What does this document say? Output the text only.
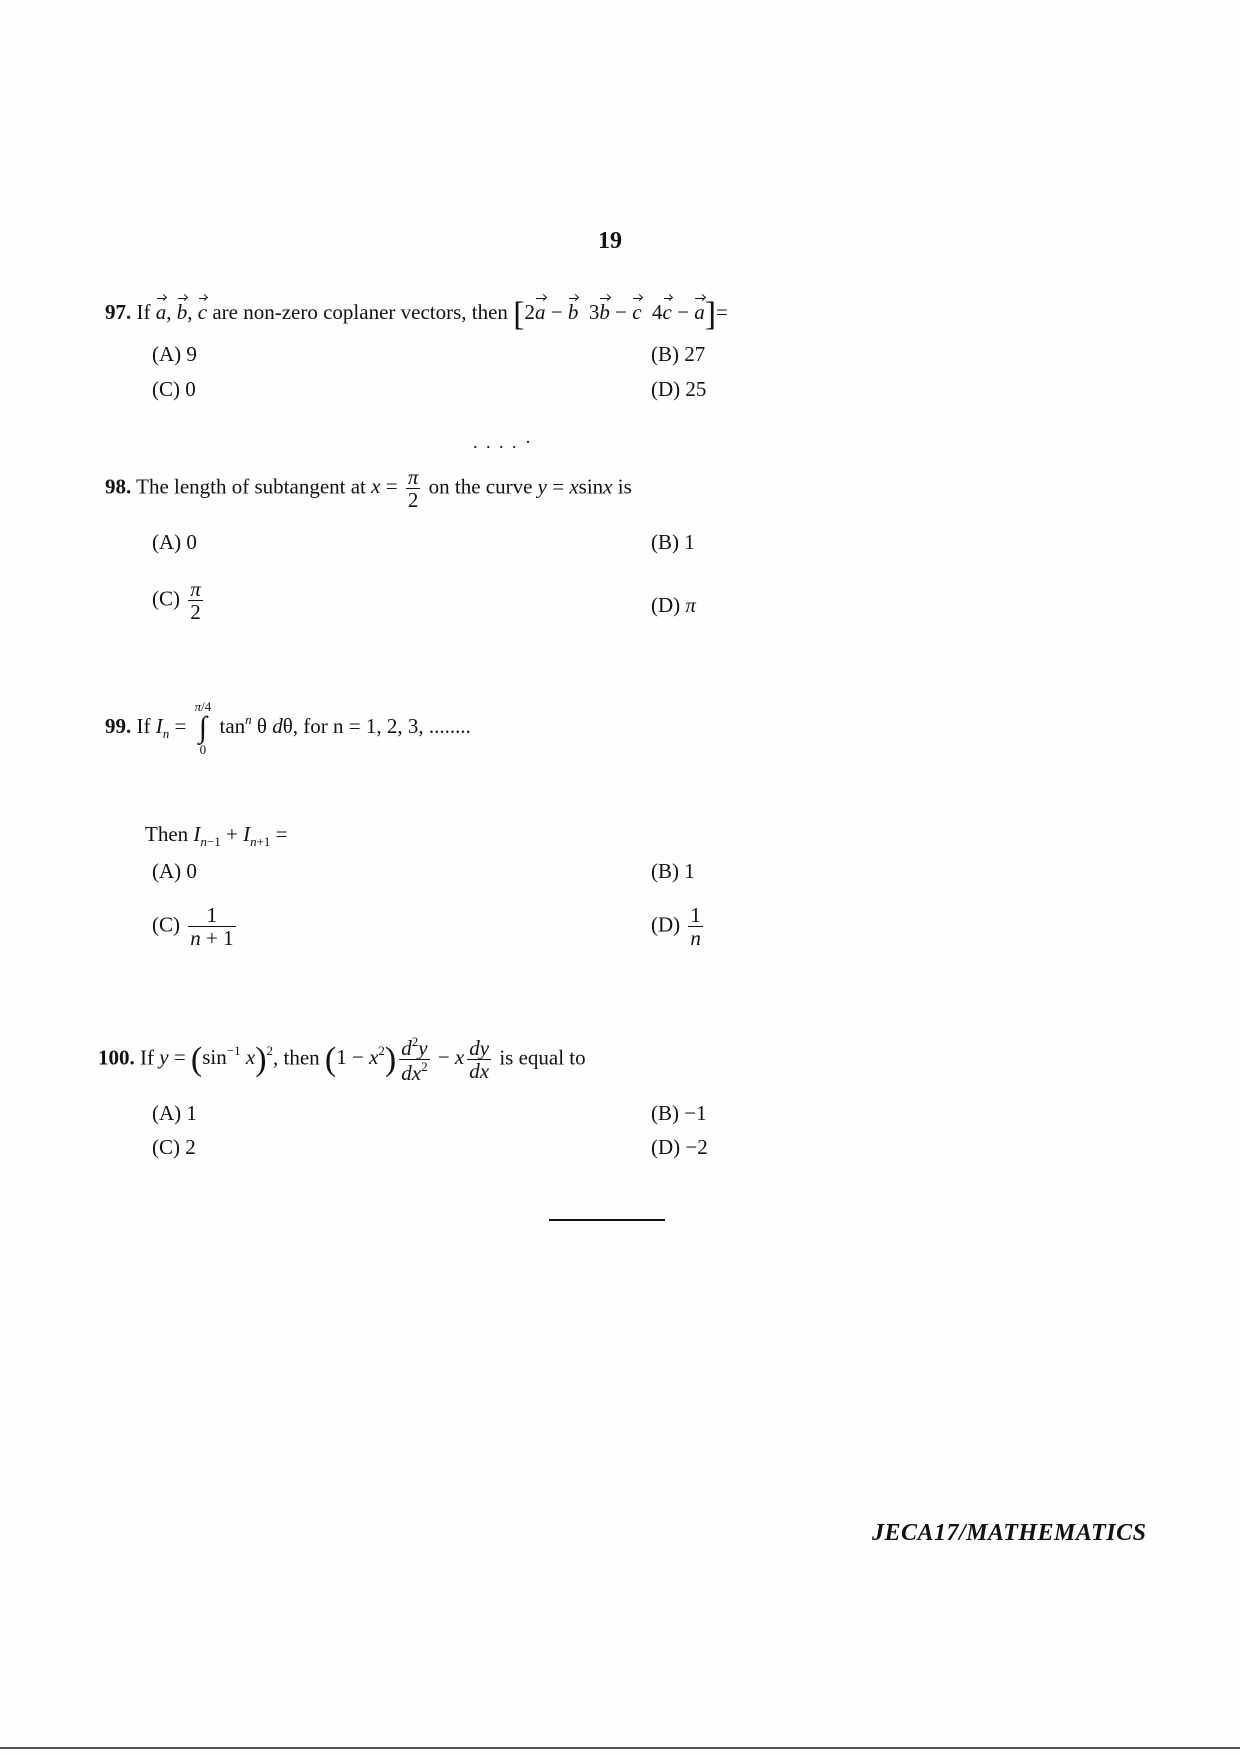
19
97. If a, b, c are non-zero coplaner vectors, then [2a − b  3b − c  4c − a]=
(A) 9	(B) 27
(C) 0	(D) 25
. . . . ·
98. The length of subtangent at $x = \frac{\pi}{2}$ on the curve y = xsinx is
(A) 0	(B) 1
$(C) \frac{\pi}{2}$	(D) π
99. If $I_n$ =
π/4
∫
0
$\tan^n \theta$ dθ, for n = 1, 2, 3, ........
Then $I_{n-1} + I_{n+1}$ =
(A) 0	(B) 1
$(C) \frac{1}{n + 1}$	$(D) \frac{1}{n}$
100. If $y = (\sin^{-1}$ x)$^2$, then $(1 - x^2) \frac{d^2y}{dx^2} - x \frac{dy}{dx}$ is equal to
(A) 1	(B) −1
(C) 2	(D) −2
JECA17/MATHEMATICS
